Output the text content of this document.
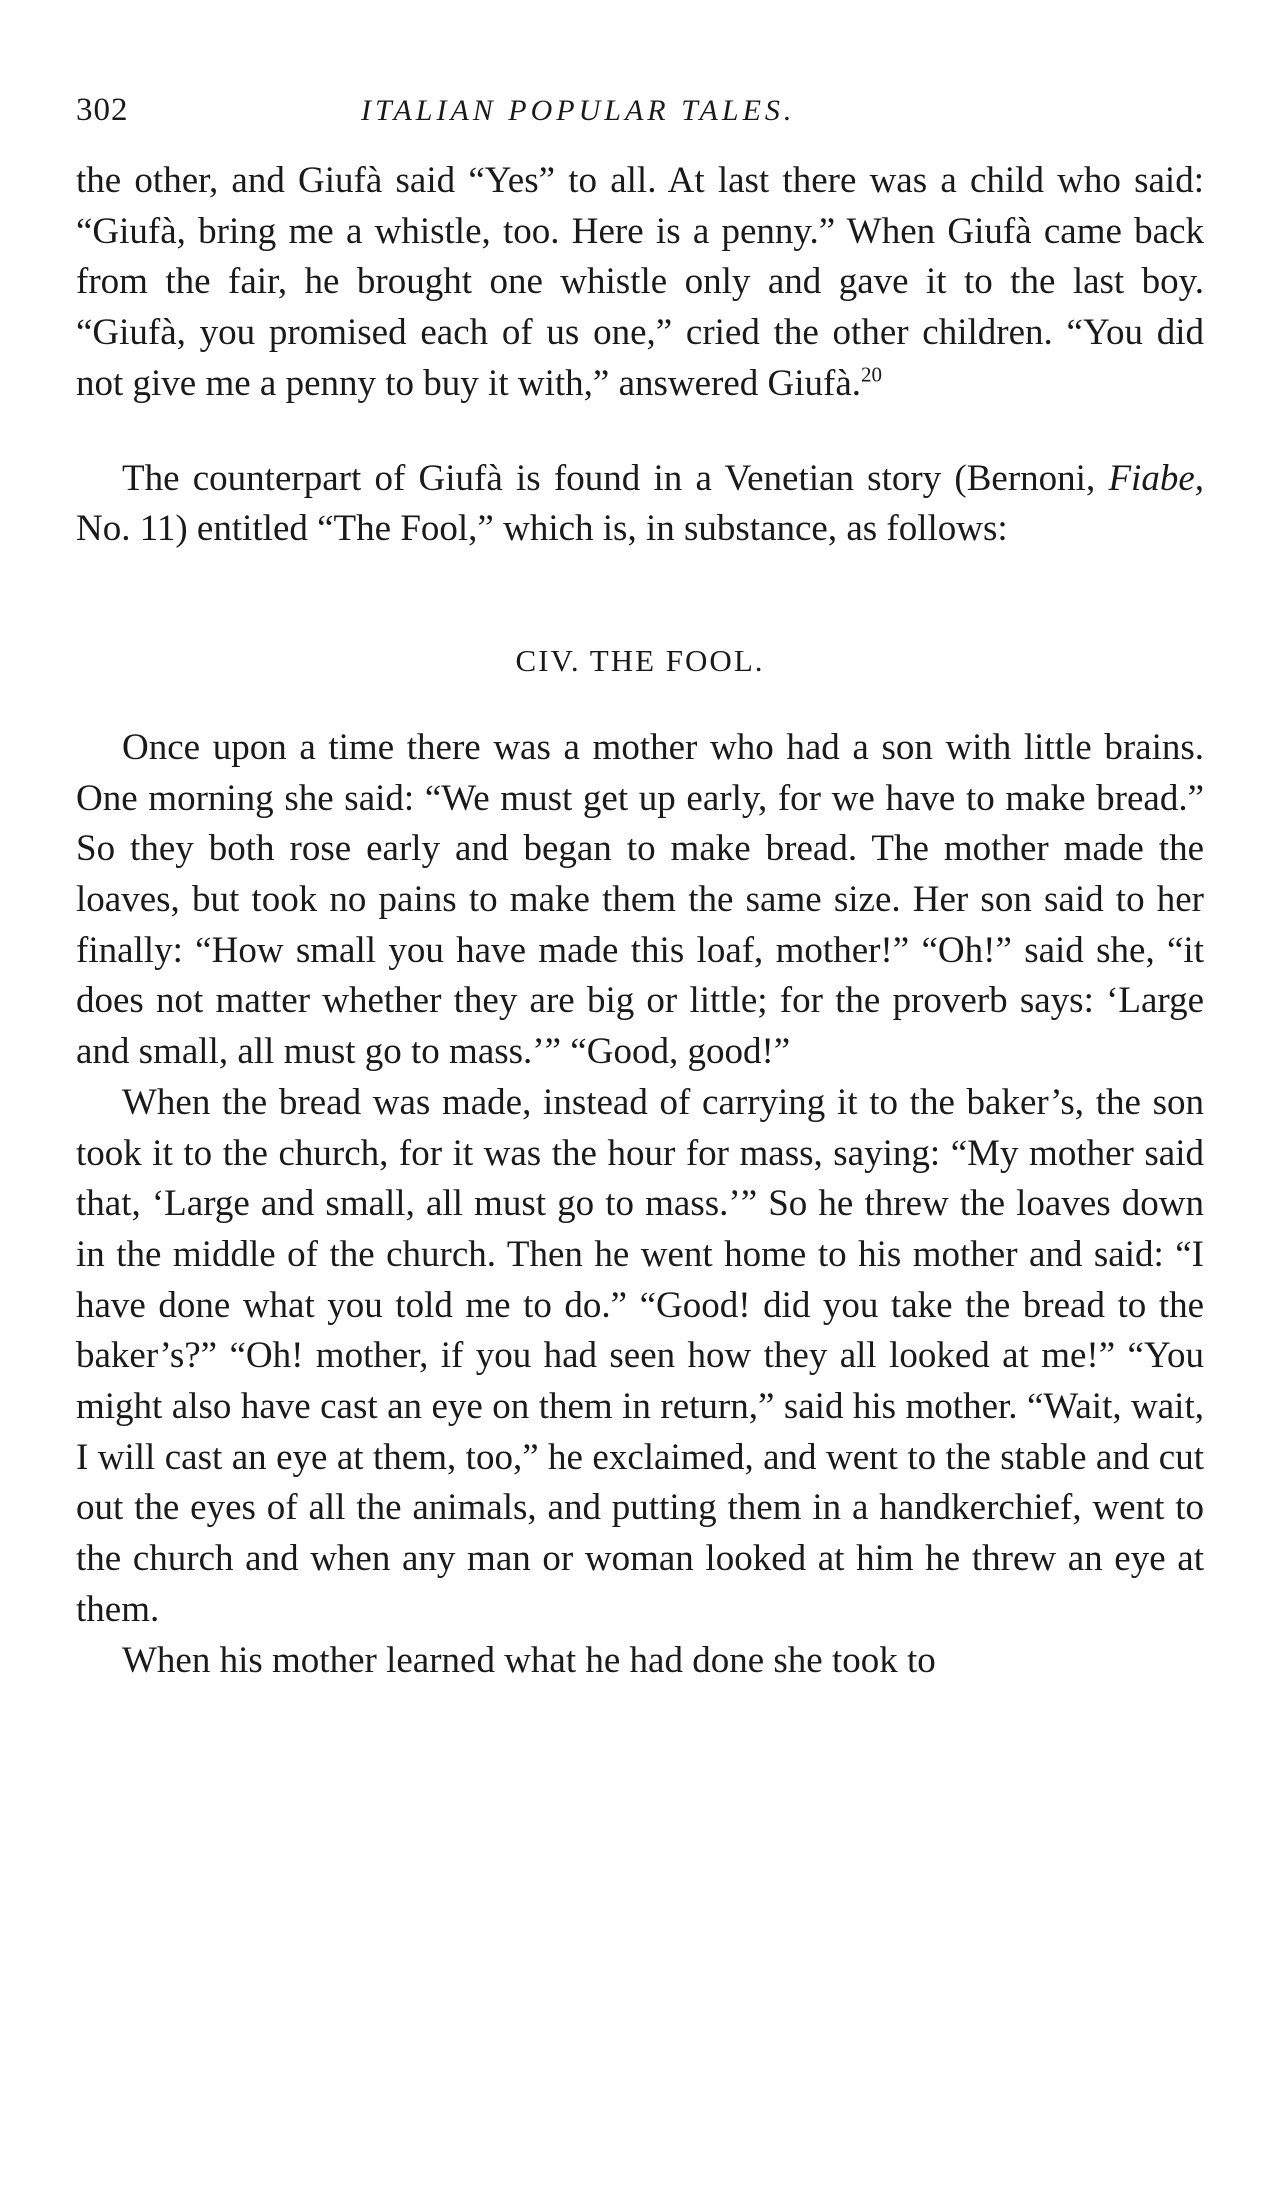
302	ITALIAN POPULAR TALES.

the other, and Giufà said “Yes” to all. At last there was a child who said: “Giufà, bring me a whistle, too. Here is a penny.” When Giufà came back from the fair, he brought one whistle only and gave it to the last boy. “Giufà, you promised each of us one,” cried the other children. “You did not give me a penny to buy it with,” answered Giufà.$^{20}$

The counterpart of Giufà is found in a Venetian story (Bernoni, Fiabe, No. 11) entitled “The Fool,” which is, in substance, as follows:

CIV. THE FOOL.

Once upon a time there was a mother who had a son with little brains. One morning she said: “We must get up early, for we have to make bread.” So they both rose early and began to make bread. The mother made the loaves, but took no pains to make them the same size. Her son said to her finally: “How small you have made this loaf, mother!” “Oh!” said she, “it does not matter whether they are big or little; for the proverb says: ‘Large and small, all must go to mass.’” “Good, good!”

When the bread was made, instead of carrying it to the baker’s, the son took it to the church, for it was the hour for mass, saying: “My mother said that, ‘Large and small, all must go to mass.’” So he threw the loaves down in the middle of the church. Then he went home to his mother and said: “I have done what you told me to do.” “Good! did you take the bread to the baker’s?” “Oh! mother, if you had seen how they all looked at me!” “You might also have cast an eye on them in return,” said his mother. “Wait, wait, I will cast an eye at them, too,” he exclaimed, and went to the stable and cut out the eyes of all the animals, and putting them in a handkerchief, went to the church and when any man or woman looked at him he threw an eye at them.

When his mother learned what he had done she took to
